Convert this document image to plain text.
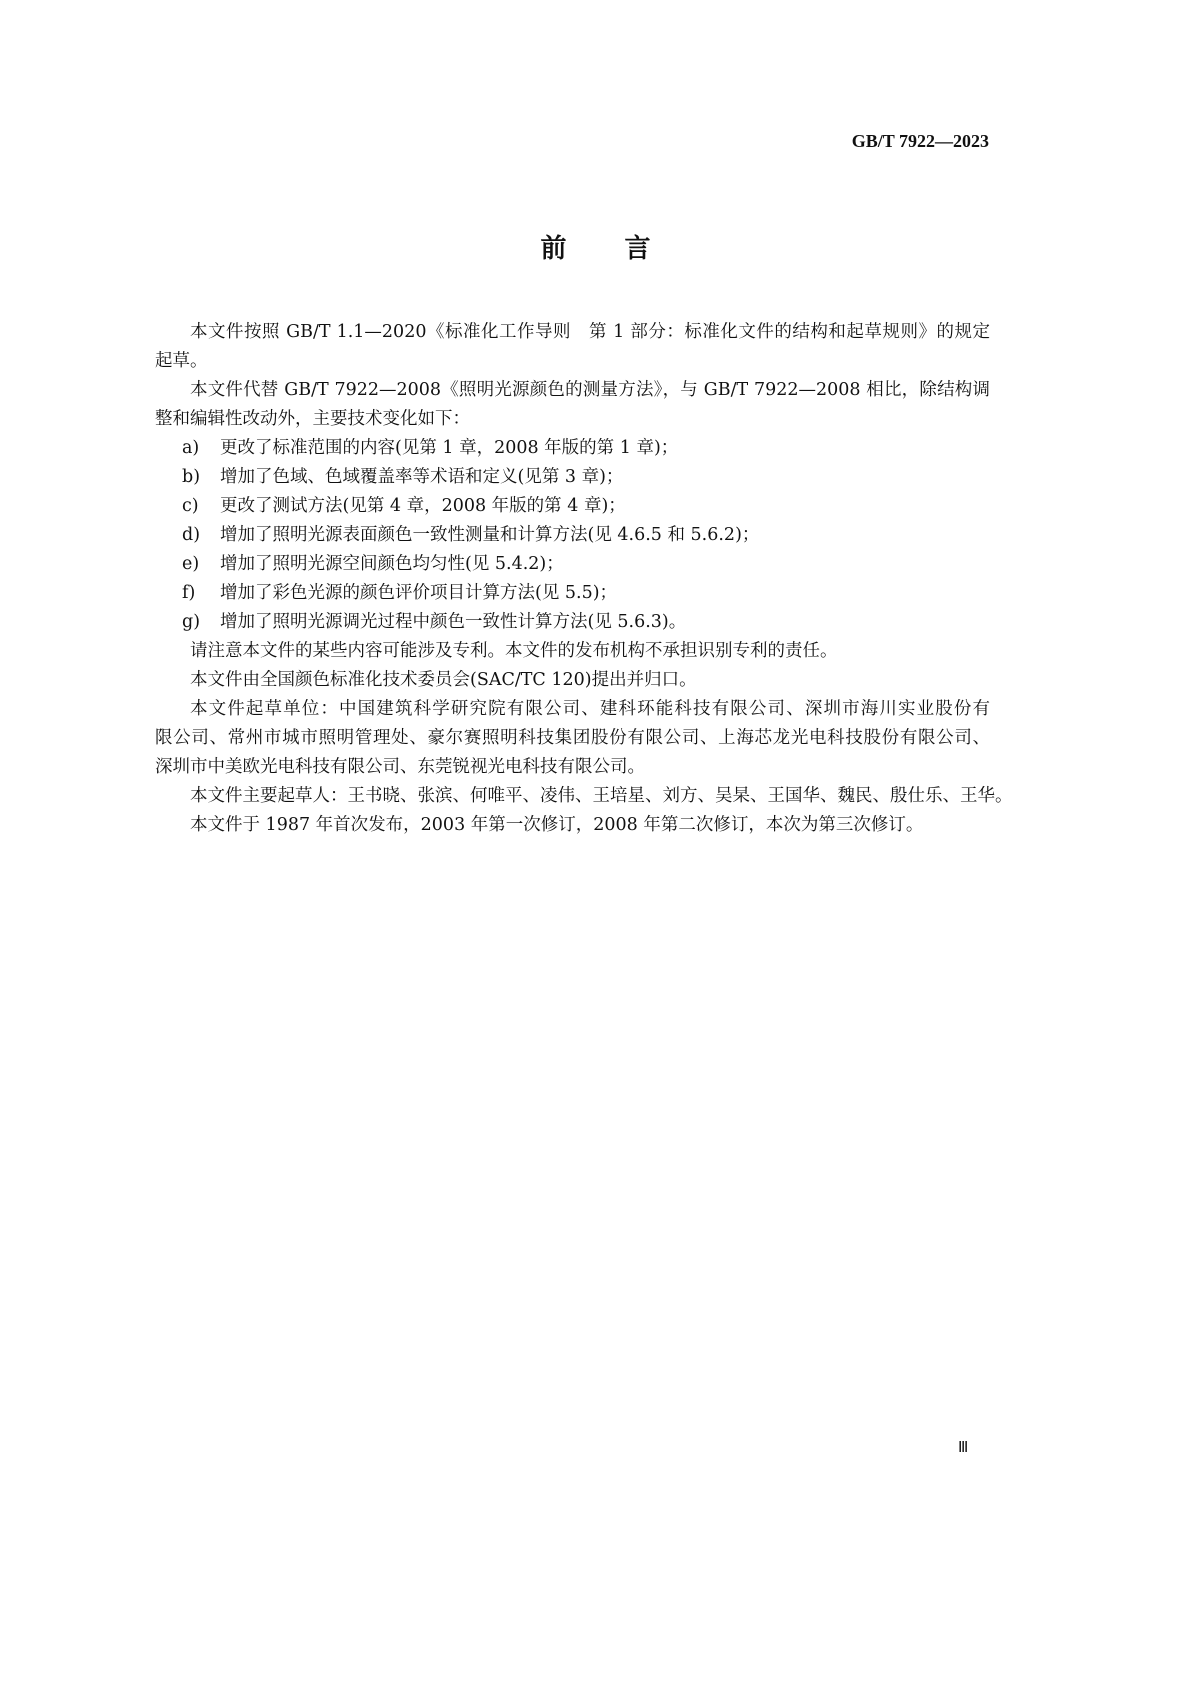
GB/T 7922—2023
前言
本文件按照 GB/T 1.1—2020《标准化工作导则　第 1 部分：标准化文件的结构和起草规则》的规定
起草。
本文件代替 GB/T 7922—2008《照明光源颜色的测量方法》，与 GB/T 7922—2008 相比，除结构调
整和编辑性改动外，主要技术变化如下：
a) 更改了标准范围的内容(见第 1 章，2008 年版的第 1 章)；
b) 增加了色域、色域覆盖率等术语和定义(见第 3 章)；
c) 更改了测试方法(见第 4 章，2008 年版的第 4 章)；
d) 增加了照明光源表面颜色一致性测量和计算方法(见 4.6.5 和 5.6.2)；
e) 增加了照明光源空间颜色均匀性(见 5.4.2)；
f) 增加了彩色光源的颜色评价项目计算方法(见 5.5)；
g) 增加了照明光源调光过程中颜色一致性计算方法(见 5.6.3)。
请注意本文件的某些内容可能涉及专利。本文件的发布机构不承担识别专利的责任。
本文件由全国颜色标准化技术委员会(SAC/TC 120)提出并归口。
本文件起草单位：中国建筑科学研究院有限公司、建科环能科技有限公司、深圳市海川实业股份有
限公司、常州市城市照明管理处、豪尔赛照明科技集团股份有限公司、上海芯龙光电科技股份有限公司、
深圳市中美欧光电科技有限公司、东莞锐视光电科技有限公司。
本文件主要起草人：王书晓、张滨、何唯平、凌伟、王培星、刘方、吴杲、王国华、魏民、殷仕乐、王华。
本文件于 1987 年首次发布，2003 年第一次修订，2008 年第二次修订，本次为第三次修订。
Ⅲ
